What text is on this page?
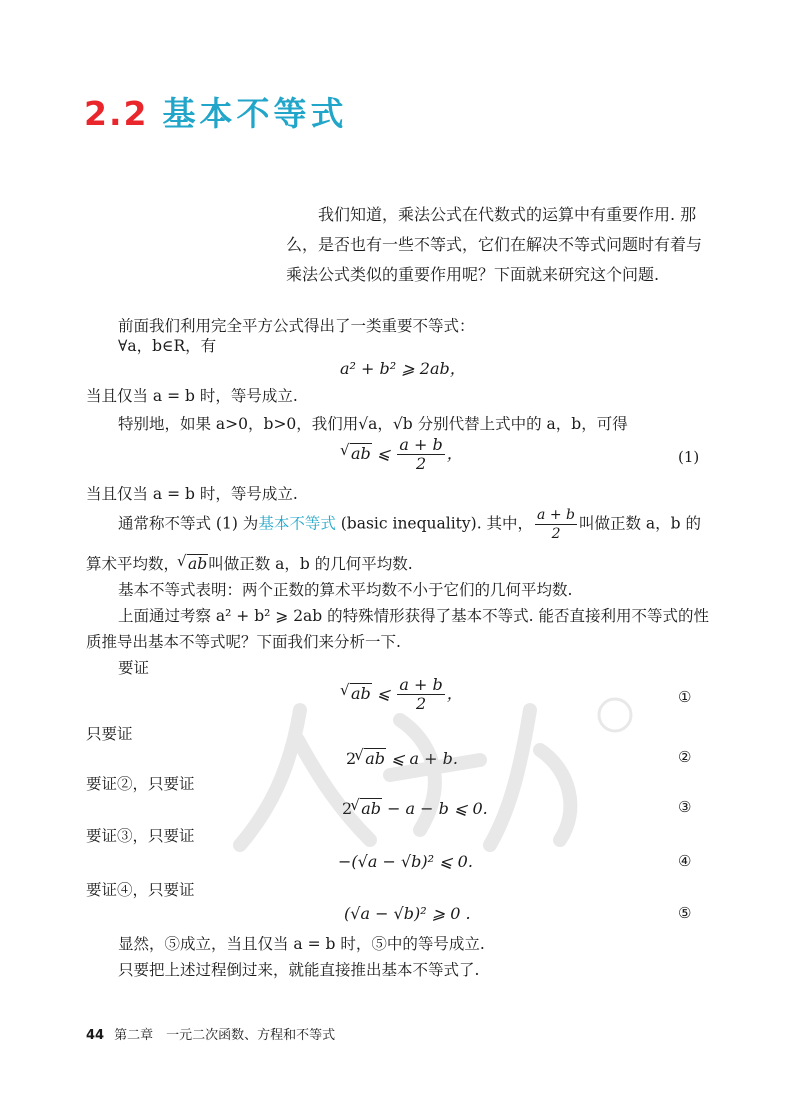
2.2 基本不等式

我们知道，乘法公式在代数式的运算中有重要作用. 那么，是否也有一些不等式，它们在解决不等式问题时有着与乘法公式类似的重要作用呢？下面就来研究这个问题.

前面我们利用完全平方公式得出了一类重要不等式：
∀a，b∈R，有
a² + b² ⩾ 2ab，
当且仅当 a = b 时，等号成立.
特别地，如果 a>0，b>0，我们用√a，√b 分别代替上式中的 a，b，可得
√ ab ⩽ $\frac{a + b}{2}$ ，	(1)
当且仅当 a = b 时，等号成立.
通常称不等式 (1) 为基本不等式 (basic inequality). 其中， $\frac{a + b}{2}$ 叫做正数 a，b 的
算术平均数， √ ab叫做正数 a，b 的几何平均数.
基本不等式表明：两个正数的算术平均数不小于它们的几何平均数.
上面通过考察 a² + b² ⩾ 2ab 的特殊情形获得了基本不等式. 能否直接利用不等式的性
质推导出基本不等式呢？下面我们来分析一下.
要证
√ ab ⩽ $\frac{a + b}{2}$ ，	①
只要证
2 √ ab ⩽ a + b.	②
要证②，只要证
2 √ ab − a − b ⩽ 0.	③
要证③，只要证
−(√a − √b)² ⩽ 0.	④
要证④，只要证
(√a − √b)² ⩾ 0 .	⑤
显然，⑤成立，当且仅当 a = b 时，⑤中的等号成立.
只要把上述过程倒过来，就能直接推出基本不等式了.
44 第二章　一元二次函数、方程和不等式
